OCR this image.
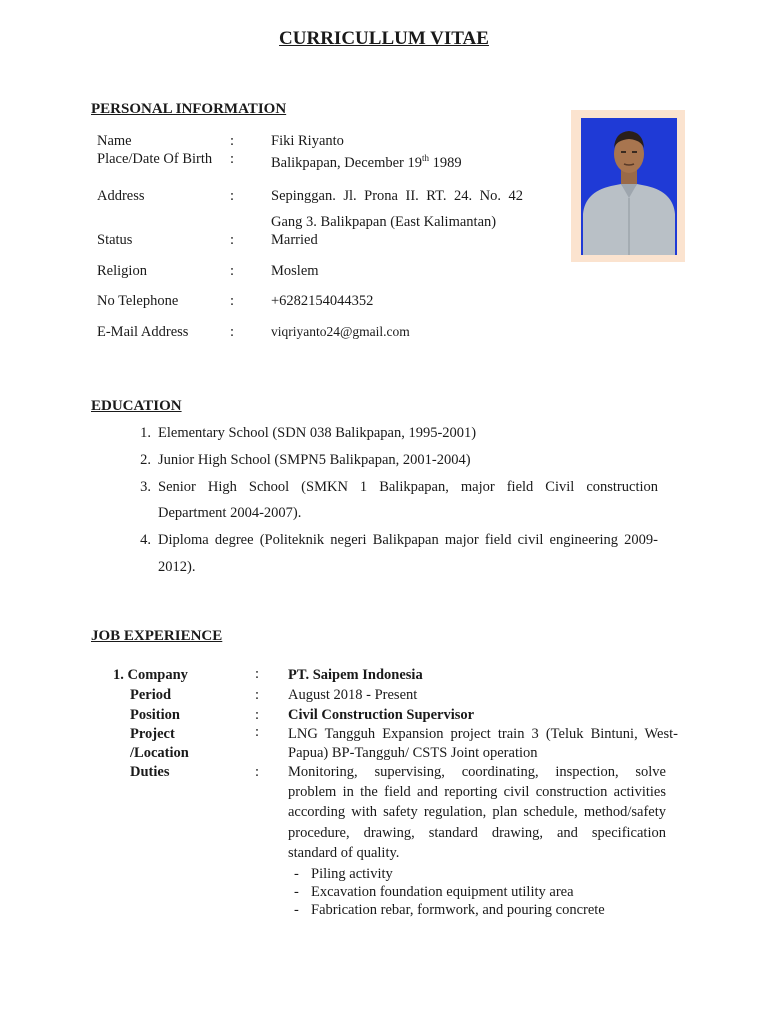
CURRICULLUM VITAE
PERSONAL INFORMATION
Name	:	Fiki Riyanto
Place/Date Of Birth :	Balikpapan, December 19th 1989
Address	:	Sepinggan. Jl. Prona II. RT. 24. No. 42
Gang 3. Balikpapan (East Kalimantan)
Status	:	Married
Religion	:	Moslem
No Telephone	:	+6282154044352
E-Mail Address	:	viqriyanto24@gmail.com
EDUCATION
1. Elementary School (SDN 038 Balikpapan, 1995-2001)
2. Junior High School (SMPN5 Balikpapan, 2001-2004)
3. Senior High School (SMKN 1 Balikpapan, major field Civil construction
Department 2004-2007).
4. Diploma degree (Politeknik negeri Balikpapan major field civil engineering 2009-
2012).
JOB EXPERIENCE
1. Company	: PT. Saipem Indonesia
Period	: August 2018 - Present
Position	: Civil Construction Supervisor
Project
/Location
: LNG Tangguh Expansion project train 3 (Teluk Bintuni, West-
Papua) BP-Tangguh/ CSTS Joint operation
Duties	: Monitoring, supervising, coordinating, inspection, solve
problem in the field and reporting civil construction activities
according with safety regulation, plan schedule, method/safety
procedure, drawing, standard drawing, and specification
standard of quality.
- Piling activity
- Excavation foundation equipment utility area
- Fabrication rebar, formwork, and pouring concrete
